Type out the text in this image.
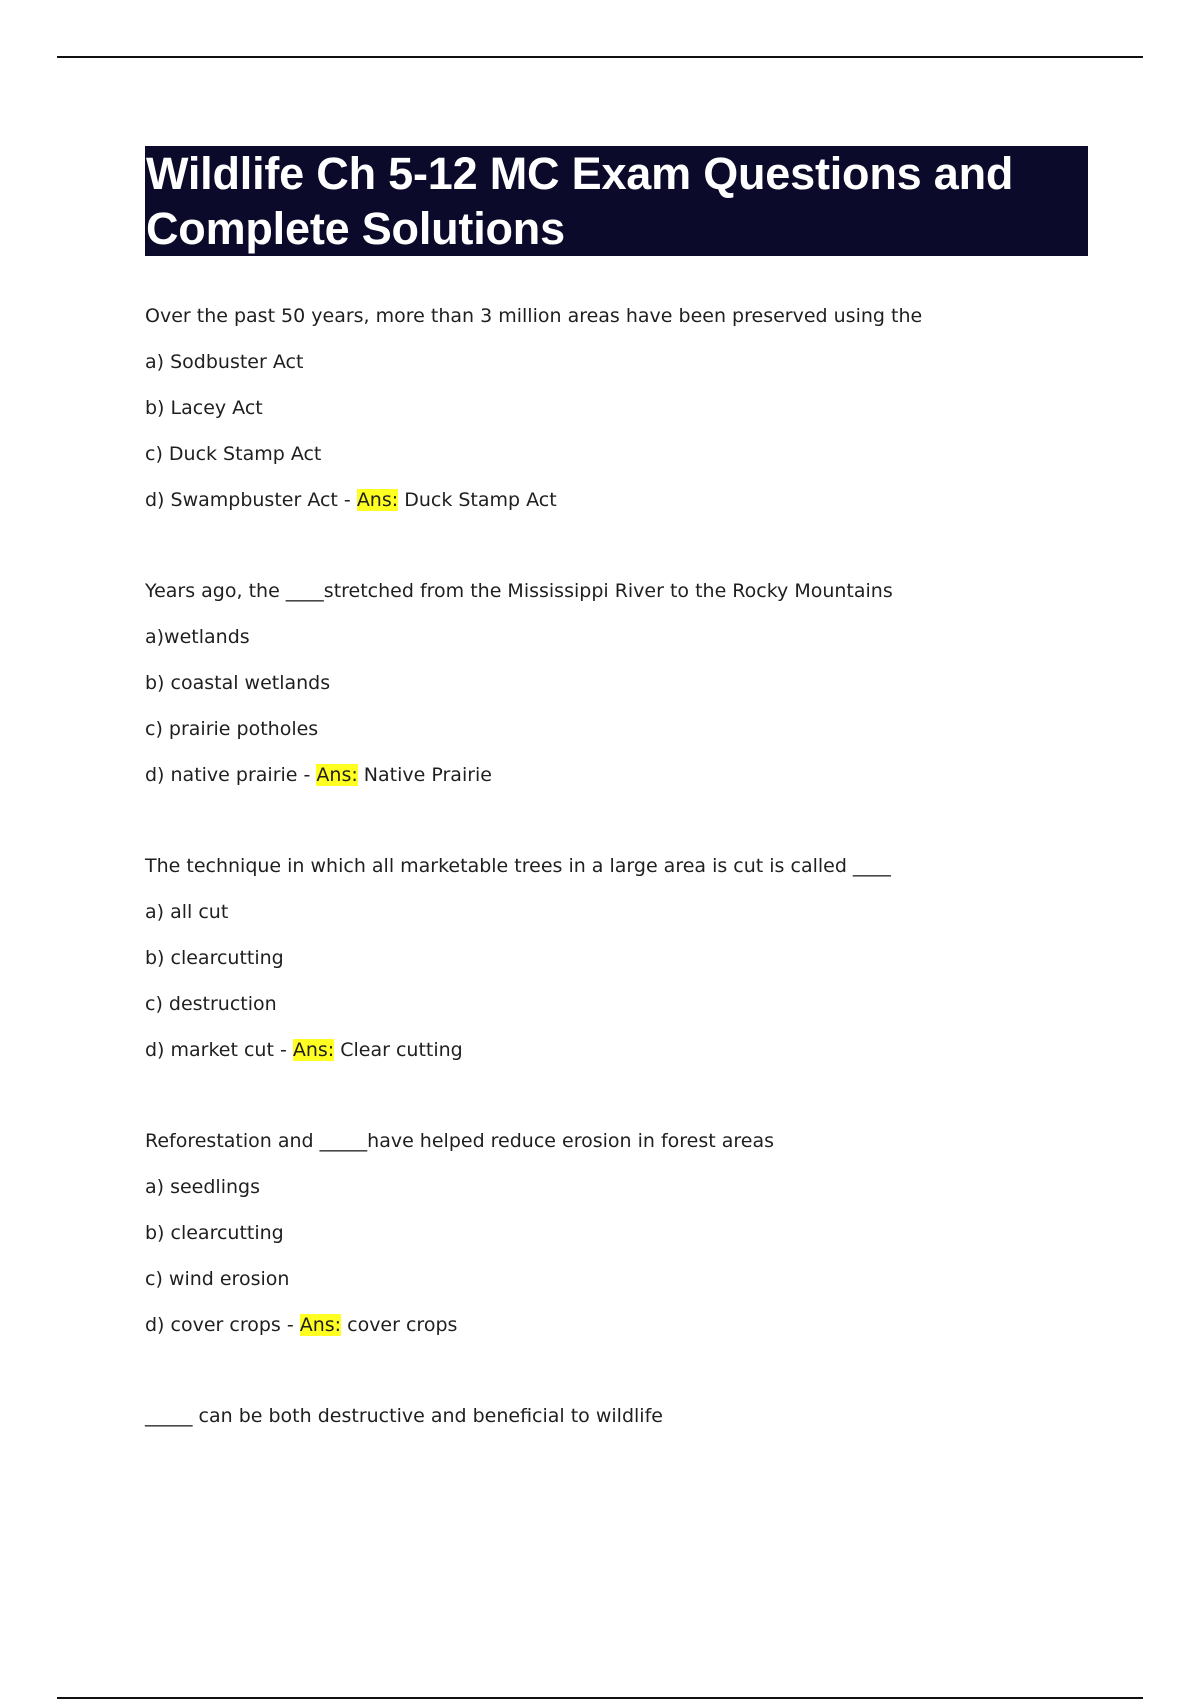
Wildlife Ch 5-12 MC Exam Questions and
Complete Solutions
Over the past 50 years, more than 3 million areas have been preserved using the
a) Sodbuster Act
b) Lacey Act
c) Duck Stamp Act
d) Swampbuster Act - Ans: Duck Stamp Act
Years ago, the ____stretched from the Mississippi River to the Rocky Mountains
a)wetlands
b) coastal wetlands
c) prairie potholes
d) native prairie - Ans: Native Prairie
The technique in which all marketable trees in a large area is cut is called ____
a) all cut
b) clearcutting
c) destruction
d) market cut - Ans: Clear cutting
Reforestation and _____have helped reduce erosion in forest areas
a) seedlings
b) clearcutting
c) wind erosion
d) cover crops - Ans: cover crops
_____ can be both destructive and beneficial to wildlife
